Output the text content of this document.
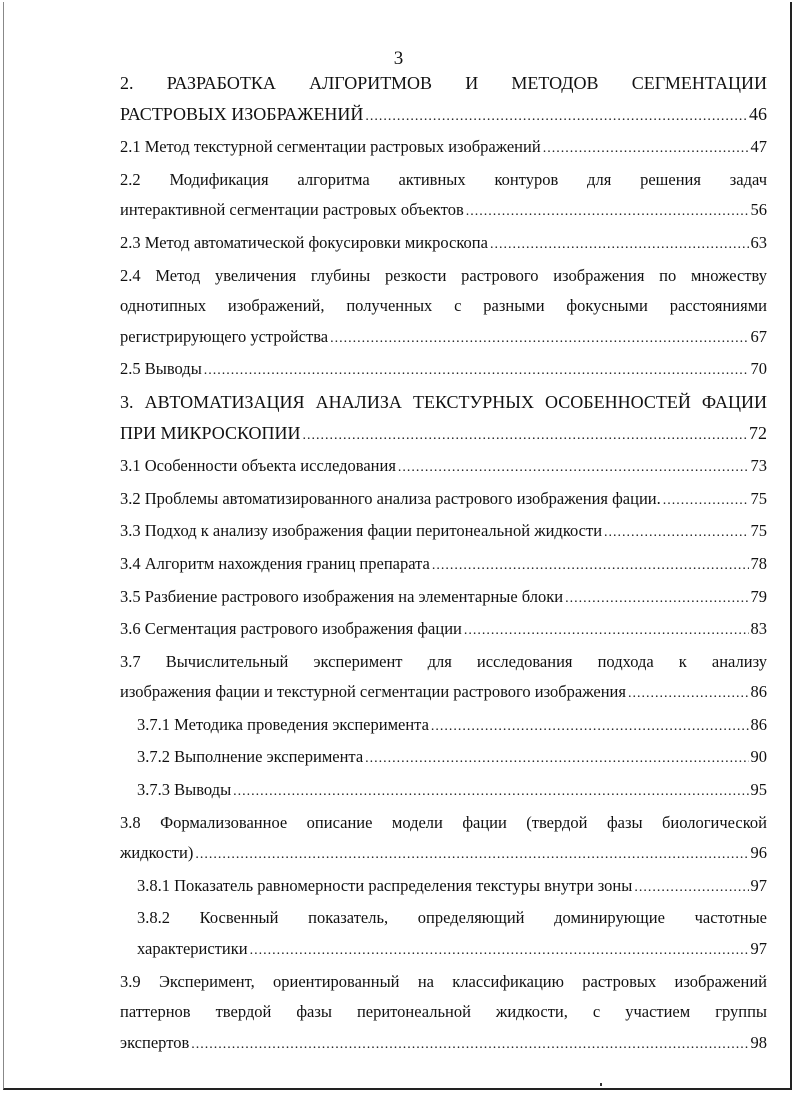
3
2. РАЗРАБОТКА АЛГОРИТМОВ И МЕТОДОВ СЕГМЕНТАЦИИ
РАСТРОВЫХ ИЗОБРАЖЕНИЙ .....	46
2.1 Метод текстурной сегментации растровых изображений .....	47
2.2 Модификация алгоритма активных контуров для решения задач
интерактивной сегментации растровых объектов .....	56
2.3 Метод автоматической фокусировки микроскопа .....	63
2.4 Метод увеличения глубины резкости растрового изображения по множеству
однотипных изображений, полученных с разными фокусными расстояниями
регистрирующего устройства .....	67
2.5 Выводы .....	70
3. АВТОМАТИЗАЦИЯ АНАЛИЗА ТЕКСТУРНЫХ ОСОБЕННОСТЕЙ ФАЦИИ
ПРИ МИКРОСКОПИИ .....	72
3.1 Особенности объекта исследования .....	73
3.2 Проблемы автоматизированного анализа растрового изображения фации. .....	75
3.3 Подход к анализу изображения фации перитонеальной жидкости .....	75
3.4 Алгоритм нахождения границ препарата .....	78
3.5 Разбиение растрового изображения на элементарные блоки .....	79
3.6 Сегментация растрового изображения фации .....	83
3.7 Вычислительный эксперимент для исследования подхода к анализу
изображения фации и текстурной сегментации растрового изображения .....	86
3.7.1 Методика проведения эксперимента .....	86
3.7.2 Выполнение эксперимента .....	90
3.7.3 Выводы .....	95
3.8 Формализованное описание модели фации (твердой фазы биологической
жидкости) .....	96
3.8.1 Показатель равномерности распределения текстуры внутри зоны .....	97
3.8.2 Косвенный показатель, определяющий доминирующие частотные
характеристики .....	97
3.9 Эксперимент, ориентированный на классификацию растровых изображений
паттернов твердой фазы перитонеальной жидкости, с участием группы
экспертов .....	98
